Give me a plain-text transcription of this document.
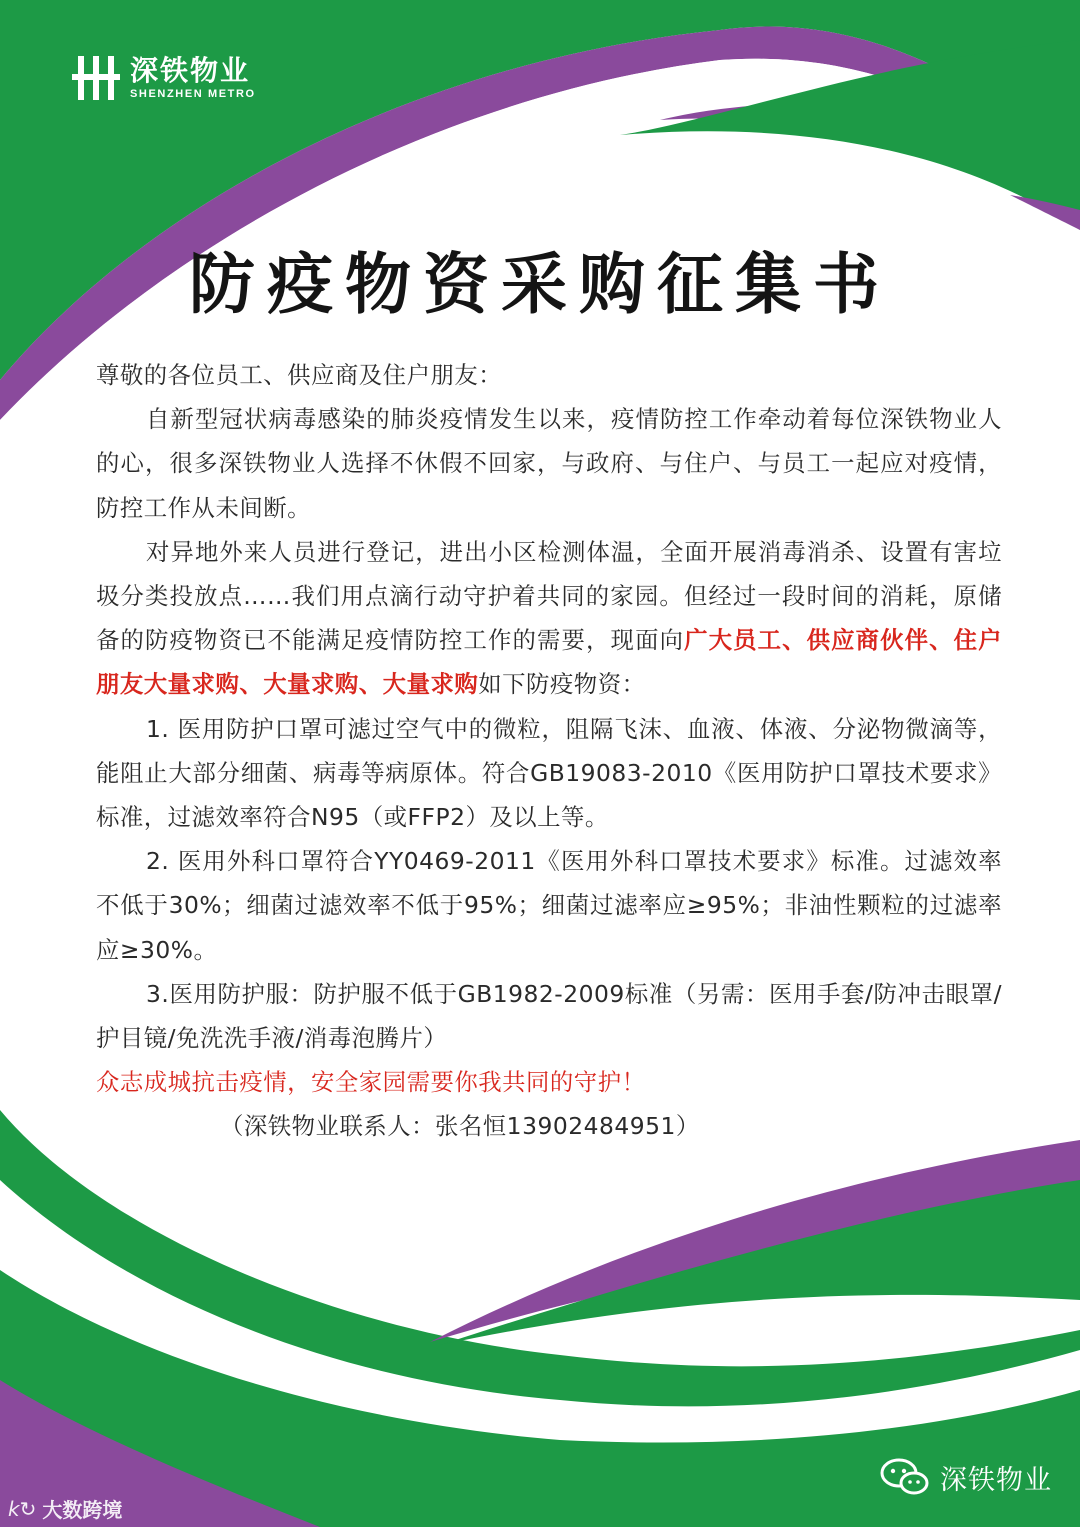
深铁物业
SHENZHEN METRO
防疫物资采购征集书

尊敬的各位员工、供应商及住户朋友：

自新型冠状病毒感染的肺炎疫情发生以来，疫情防控工作牵动着每位深铁物业人的心，很多深铁物业人选择不休假不回家，与政府、与住户、与员工一起应对疫情，防控工作从未间断。

对异地外来人员进行登记，进出小区检测体温，全面开展消毒消杀、设置有害垃圾分类投放点……我们用点滴行动守护着共同的家园。但经过一段时间的消耗，原储备的防疫物资已不能满足疫情防控工作的需要，现面向广大员工、供应商伙伴、住户朋友大量求购、大量求购、大量求购如下防疫物资：

1. 医用防护口罩可滤过空气中的微粒，阻隔飞沫、血液、体液、分泌物微滴等，能阻止大部分细菌、病毒等病原体。符合GB19083-2010《医用防护口罩技术要求》标准，过滤效率符合N95（或FFP2）及以上等。

2. 医用外科口罩符合YY0469-2011《医用外科口罩技术要求》标准。过滤效率不低于30%；细菌过滤效率不低于95%；细菌过滤率应≥95%；非油性颗粒的过滤率应≥30%。

3.医用防护服：防护服不低于GB1982-2009标准（另需：医用手套/防冲击眼罩/护目镜/免洗洗手液/消毒泡腾片）

众志成城抗击疫情，安全家园需要你我共同的守护！

（深铁物业联系人：张名恒13902484951）

深铁物业
k↻ 大数跨境
